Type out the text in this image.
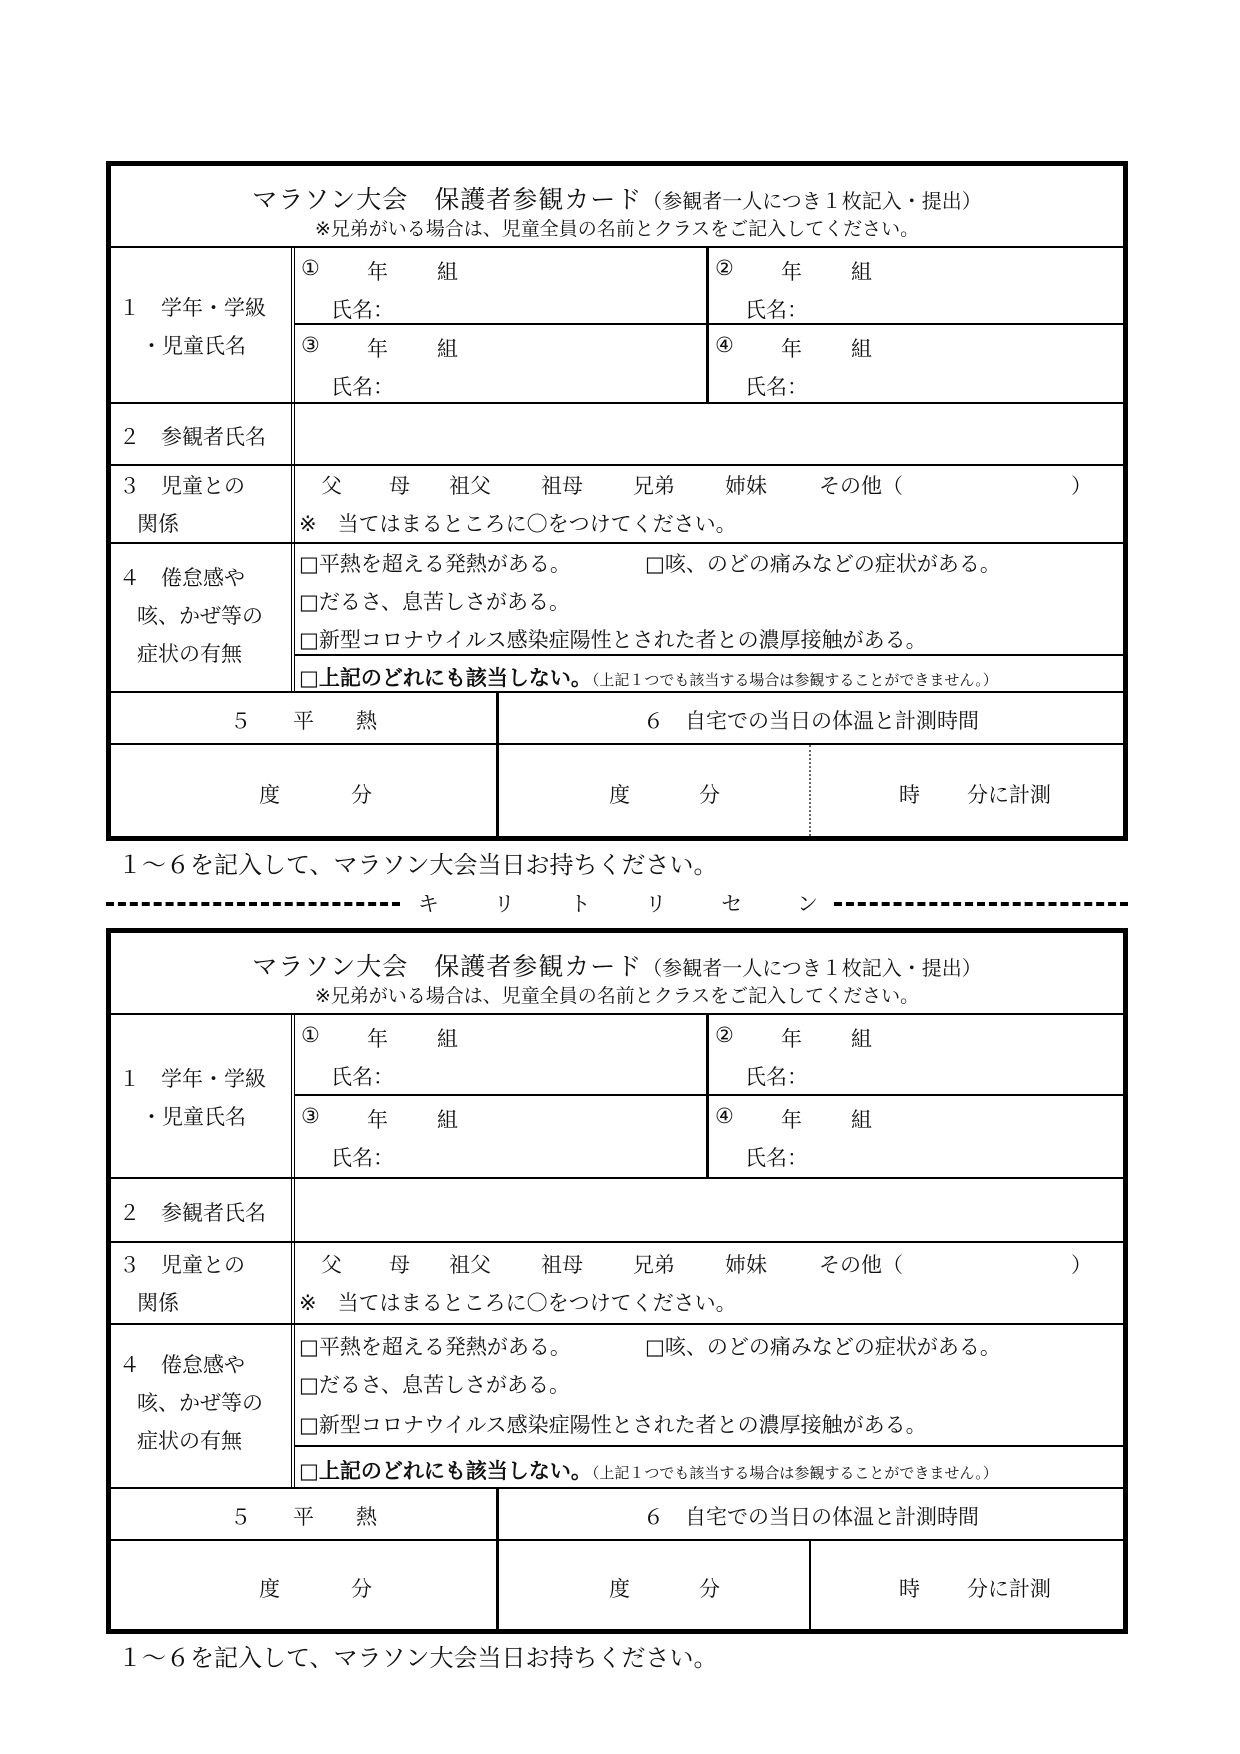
マラソン大会　保護者参観カード（参観者一人につき１枚記入・提出）
※兄弟がいる場合は、児童全員の名前とクラスをご記入してください。
１　学年・学級
・児童氏名
① 年 組
氏名：
② 年 組
氏名：
③ 年 組
氏名：
④ 年 組
氏名：
２　参観者氏名
３　児童との
関係
父 母 祖父 祖母 兄弟 姉妹 その他（　　　　　　　　）
※　当てはまるところに〇をつけてください。
４　倦怠感や
咳、かぜ等の
症状の有無
□平熱を超える発熱がある。	□咳、のどの痛みなどの症状がある。
□だるさ、息苦しさがある。
□新型コロナウイルス感染症陽性とされた者との濃厚接触がある。
□上記のどれにも該当しない。（上記１つでも該当する場合は参観することができません。）
５　　平　　熱	６　自宅での当日の体温と計測時間
度	分	度	分	時 分に計測
１～６を記入して、マラソン大会当日お持ちください。
キ	リ	ト	リ	セ	ン
マラソン大会　保護者参観カード（参観者一人につき１枚記入・提出）
※兄弟がいる場合は、児童全員の名前とクラスをご記入してください。
１　学年・学級
・児童氏名
① 年 組
氏名：
② 年 組
氏名：
③ 年 組
氏名：
④ 年 組
氏名：
２　参観者氏名
３　児童との
関係
父 母 祖父 祖母 兄弟 姉妹 その他（　　　　　　　　）
※　当てはまるところに〇をつけてください。
４　倦怠感や
咳、かぜ等の
症状の有無
□平熱を超える発熱がある。	□咳、のどの痛みなどの症状がある。
□だるさ、息苦しさがある。
□新型コロナウイルス感染症陽性とされた者との濃厚接触がある。
□上記のどれにも該当しない。（上記１つでも該当する場合は参観することができません。）
５　　平　　熱	６　自宅での当日の体温と計測時間
度	分	度	分	時 分に計測
１～６を記入して、マラソン大会当日お持ちください。
